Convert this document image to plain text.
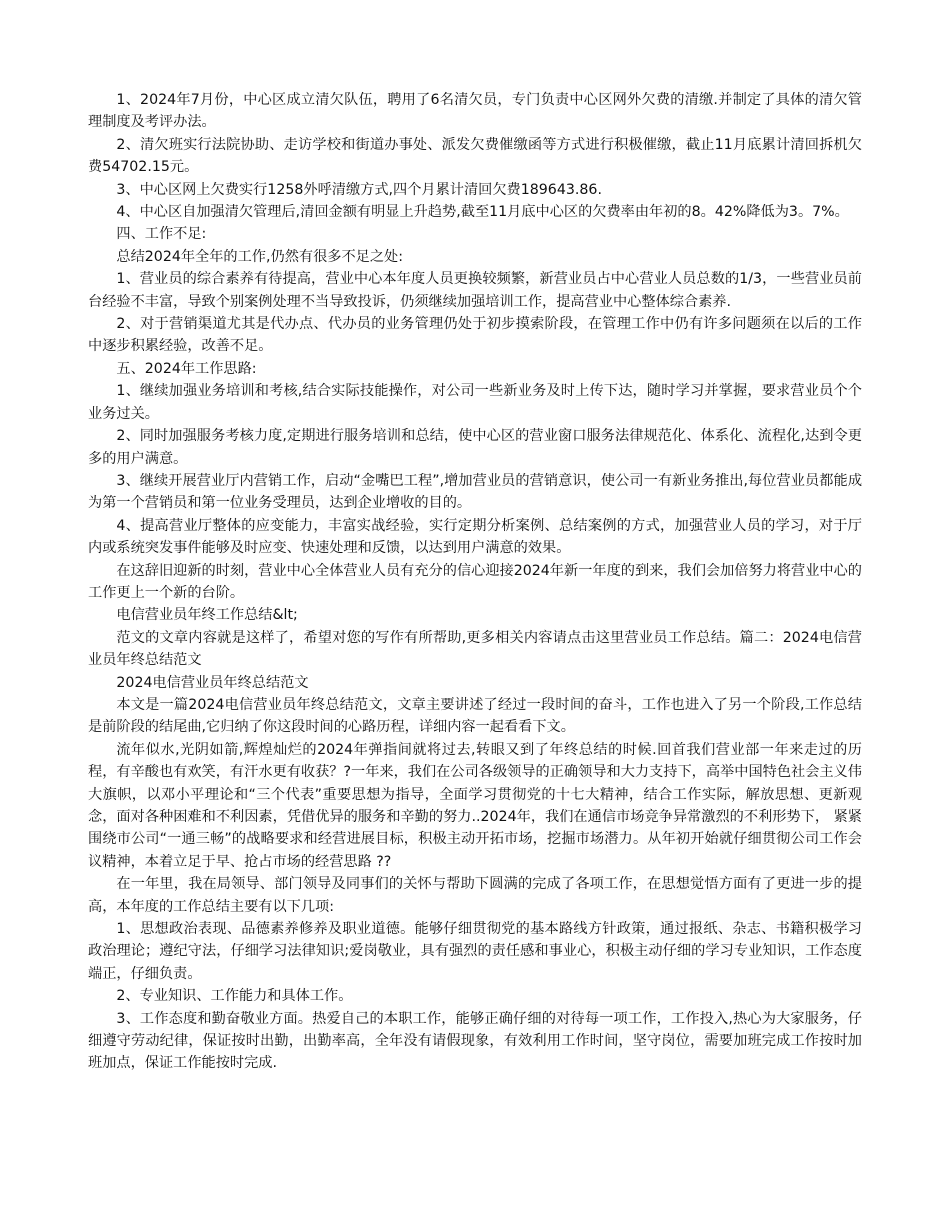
1、2024年7月份，中心区成立清欠队伍，聘用了6名清欠员，专门负责中心区网外欠费的清缴.并制定了具体的清欠管理制度及考评办法。

2、清欠班实行法院协助、走访学校和街道办事处、派发欠费催缴函等方式进行积极催缴，截止11月底累计清回拆机欠费54702.15元。

3、中心区网上欠费实行1258外呼清缴方式,四个月累计清回欠费189643.86.

4、中心区自加强清欠管理后,清回金额有明显上升趋势,截至11月底中心区的欠费率由年初的8。42%降低为3。7%。

四、工作不足:

总结2024年全年的工作,仍然有很多不足之处:

1、营业员的综合素养有待提高，营业中心本年度人员更换较频繁，新营业员占中心营业人员总数的1/3，一些营业员前台经验不丰富，导致个别案例处理不当导致投诉，仍须继续加强培训工作，提高营业中心整体综合素养.

2、对于营销渠道尤其是代办点、代办员的业务管理仍处于初步摸索阶段，在管理工作中仍有许多问题须在以后的工作中逐步积累经验，改善不足。

五、2024年工作思路:

1、继续加强业务培训和考核,结合实际技能操作，对公司一些新业务及时上传下达，随时学习并掌握，要求营业员个个业务过关。

2、同时加强服务考核力度,定期进行服务培训和总结，使中心区的营业窗口服务法律规范化、体系化、流程化,达到令更多的用户满意。

3、继续开展营业厅内营销工作，启动“金嘴巴工程”,增加营业员的营销意识，使公司一有新业务推出,每位营业员都能成为第一个营销员和第一位业务受理员，达到企业增收的目的。

4、提高营业厅整体的应变能力，丰富实战经验，实行定期分析案例、总结案例的方式，加强营业人员的学习，对于厅内或系统突发事件能够及时应变、快速处理和反馈，以达到用户满意的效果。

在这辞旧迎新的时刻，营业中心全体营业人员有充分的信心迎接2024年新一年度的到来，我们会加倍努力将营业中心的工作更上一个新的台阶。

电信营业员年终工作总结&lt;

范文的文章内容就是这样了，希望对您的写作有所帮助,更多相关内容请点击这里营业员工作总结。篇二：2024电信营业员年终总结范文

2024电信营业员年终总结范文

本文是一篇2024电信营业员年终总结范文，文章主要讲述了经过一段时间的奋斗，工作也进入了另一个阶段,工作总结是前阶段的结尾曲,它归纳了你这段时间的心路历程，详细内容一起看看下文。

流年似水,光阴如箭,辉煌灿烂的2024年弹指间就将过去,转眼又到了年终总结的时候.回首我们营业部一年来走过的历程，有辛酸也有欢笑，有汗水更有收获？?一年来，我们在公司各级领导的正确领导和大力支持下，高举中国特色社会主义伟大旗帜，以邓小平理论和“三个代表”重要思想为指导，全面学习贯彻党的十七大精神，结合工作实际，解放思想、更新观念，面对各种困难和不利因素，凭借优异的服务和辛勤的努力..2024年，我们在通信市场竞争异常激烈的不利形势下， 紧紧围绕市公司“一通三畅”的战略要求和经营进展目标，积极主动开拓市场，挖掘市场潜力。从年初开始就仔细贯彻公司工作会议精神，本着立足于早、抢占市场的经营思路 ??

在一年里，我在局领导、部门领导及同事们的关怀与帮助下圆满的完成了各项工作，在思想觉悟方面有了更进一步的提高，本年度的工作总结主要有以下几项:

1、思想政治表现、品德素养修养及职业道德。能够仔细贯彻党的基本路线方针政策，通过报纸、杂志、书籍积极学习政治理论；遵纪守法，仔细学习法律知识;爱岗敬业，具有强烈的责任感和事业心，积极主动仔细的学习专业知识，工作态度端正，仔细负责。

2、专业知识、工作能力和具体工作。

3、工作态度和勤奋敬业方面。热爱自己的本职工作，能够正确仔细的对待每一项工作，工作投入,热心为大家服务，仔细遵守劳动纪律，保证按时出勤，出勤率高，全年没有请假现象，有效利用工作时间，坚守岗位，需要加班完成工作按时加班加点，保证工作能按时完成.
